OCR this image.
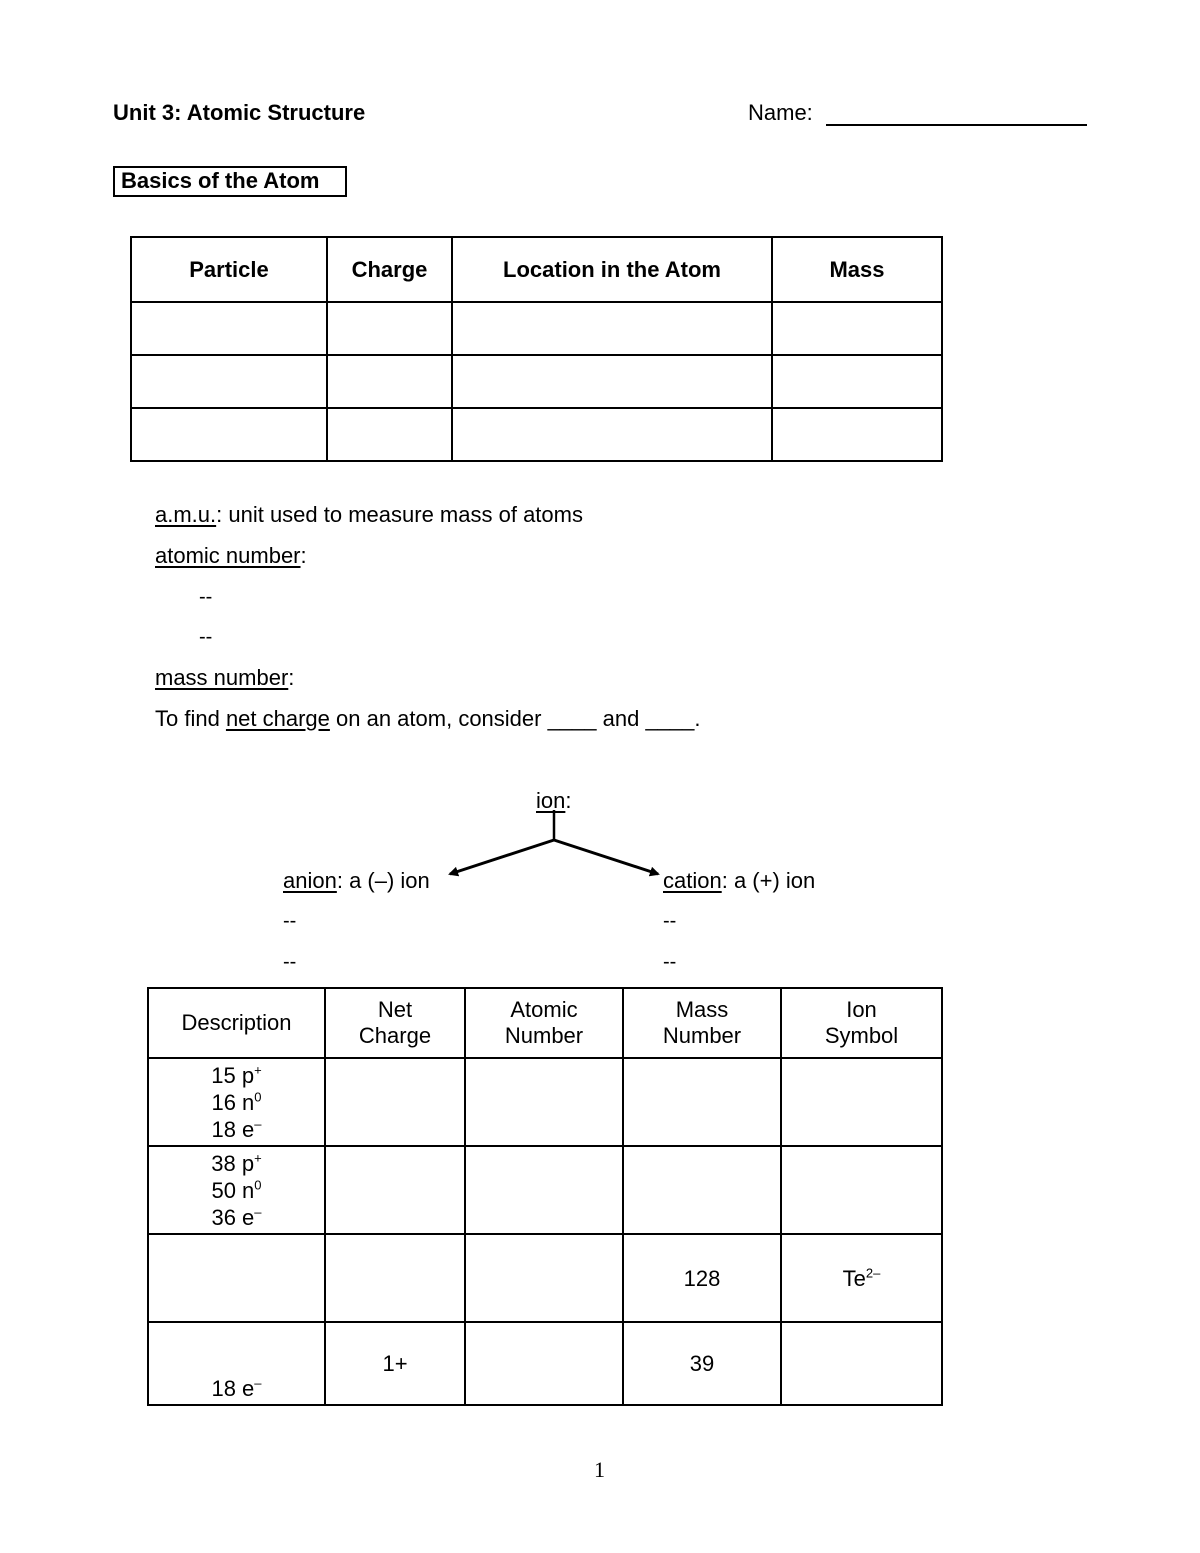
Unit 3: Atomic Structure	Name:
Basics of the Atom
Particle	Charge	Location in the Atom	Mass

a.m.u.: unit used to measure mass of atoms
atomic number:
--
--
mass number:
To find net charge on an atom, consider ____ and ____.
ion:
anion: a (–) ion	cation: a (+) ion
--
--
--
--
Description	Net Charge	Atomic Number	Mass Number	Ion Symbol

15 p+
16 $n^0$
18 e–

38 p+
50 $n^0$
36 e–

			128	$Te^{2-}$
18 e–	1+		39	
1
